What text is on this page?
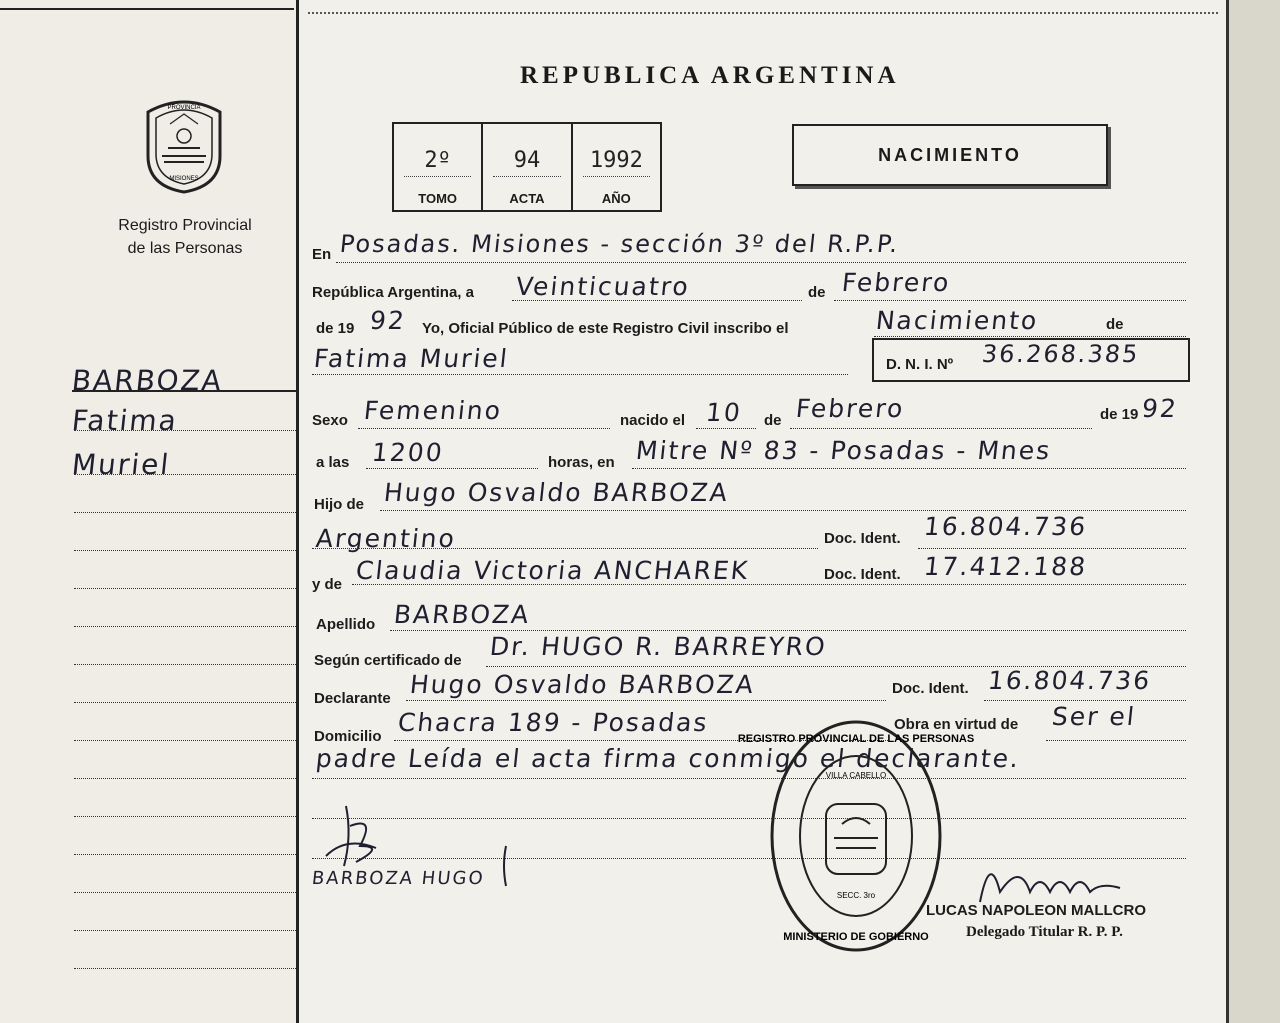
PROVINCIA
MISIONES
Registro Provincial
de las Personas
REPUBLICA ARGENTINA
2º
TOMO
94
ACTA
1992
AÑO
NACIMIENTO
BARBOZA
Fatima
Muriel
En Posadas. Misiones - sección 3º del R.P.P.
República Argentina, a Veinticuatro	de Febrero
de 19 92 Yo, Oficial Público de este Registro Civil inscribo el	Nacimiento	de
Fatima Muriel	D. N. I. Nº 36.268.385
Sexo Femenino	nacido el 10 de Febrero	de 19 92
a las 1200	horas, en Mitre Nº 83 - Posadas - Mnes
Hijo de Hugo Osvaldo BARBOZA
Argentino	Doc. Ident. 16.804.736
y de Claudia Victoria ANCHAREK	Doc. Ident. 17.412.188
Apellido BARBOZA
Según certificado de Dr. HUGO R. BARREYRO
Declarante Hugo Osvaldo BARBOZA	Doc. Ident. 16.804.736
Domicilio Chacra 189 - Posadas	Obra en virtud de Ser el
padre Leída el acta firma conmigo el declarante.
BARBOZA HUGO
REGISTRO PROVINCIAL DE LAS PERSONAS
MINISTERIO DE GOBIERNO
VILLA CABELLO
SECC. 3ro
LUCAS NAPOLEON MALLCRO
Delegado Titular R. P. P.
